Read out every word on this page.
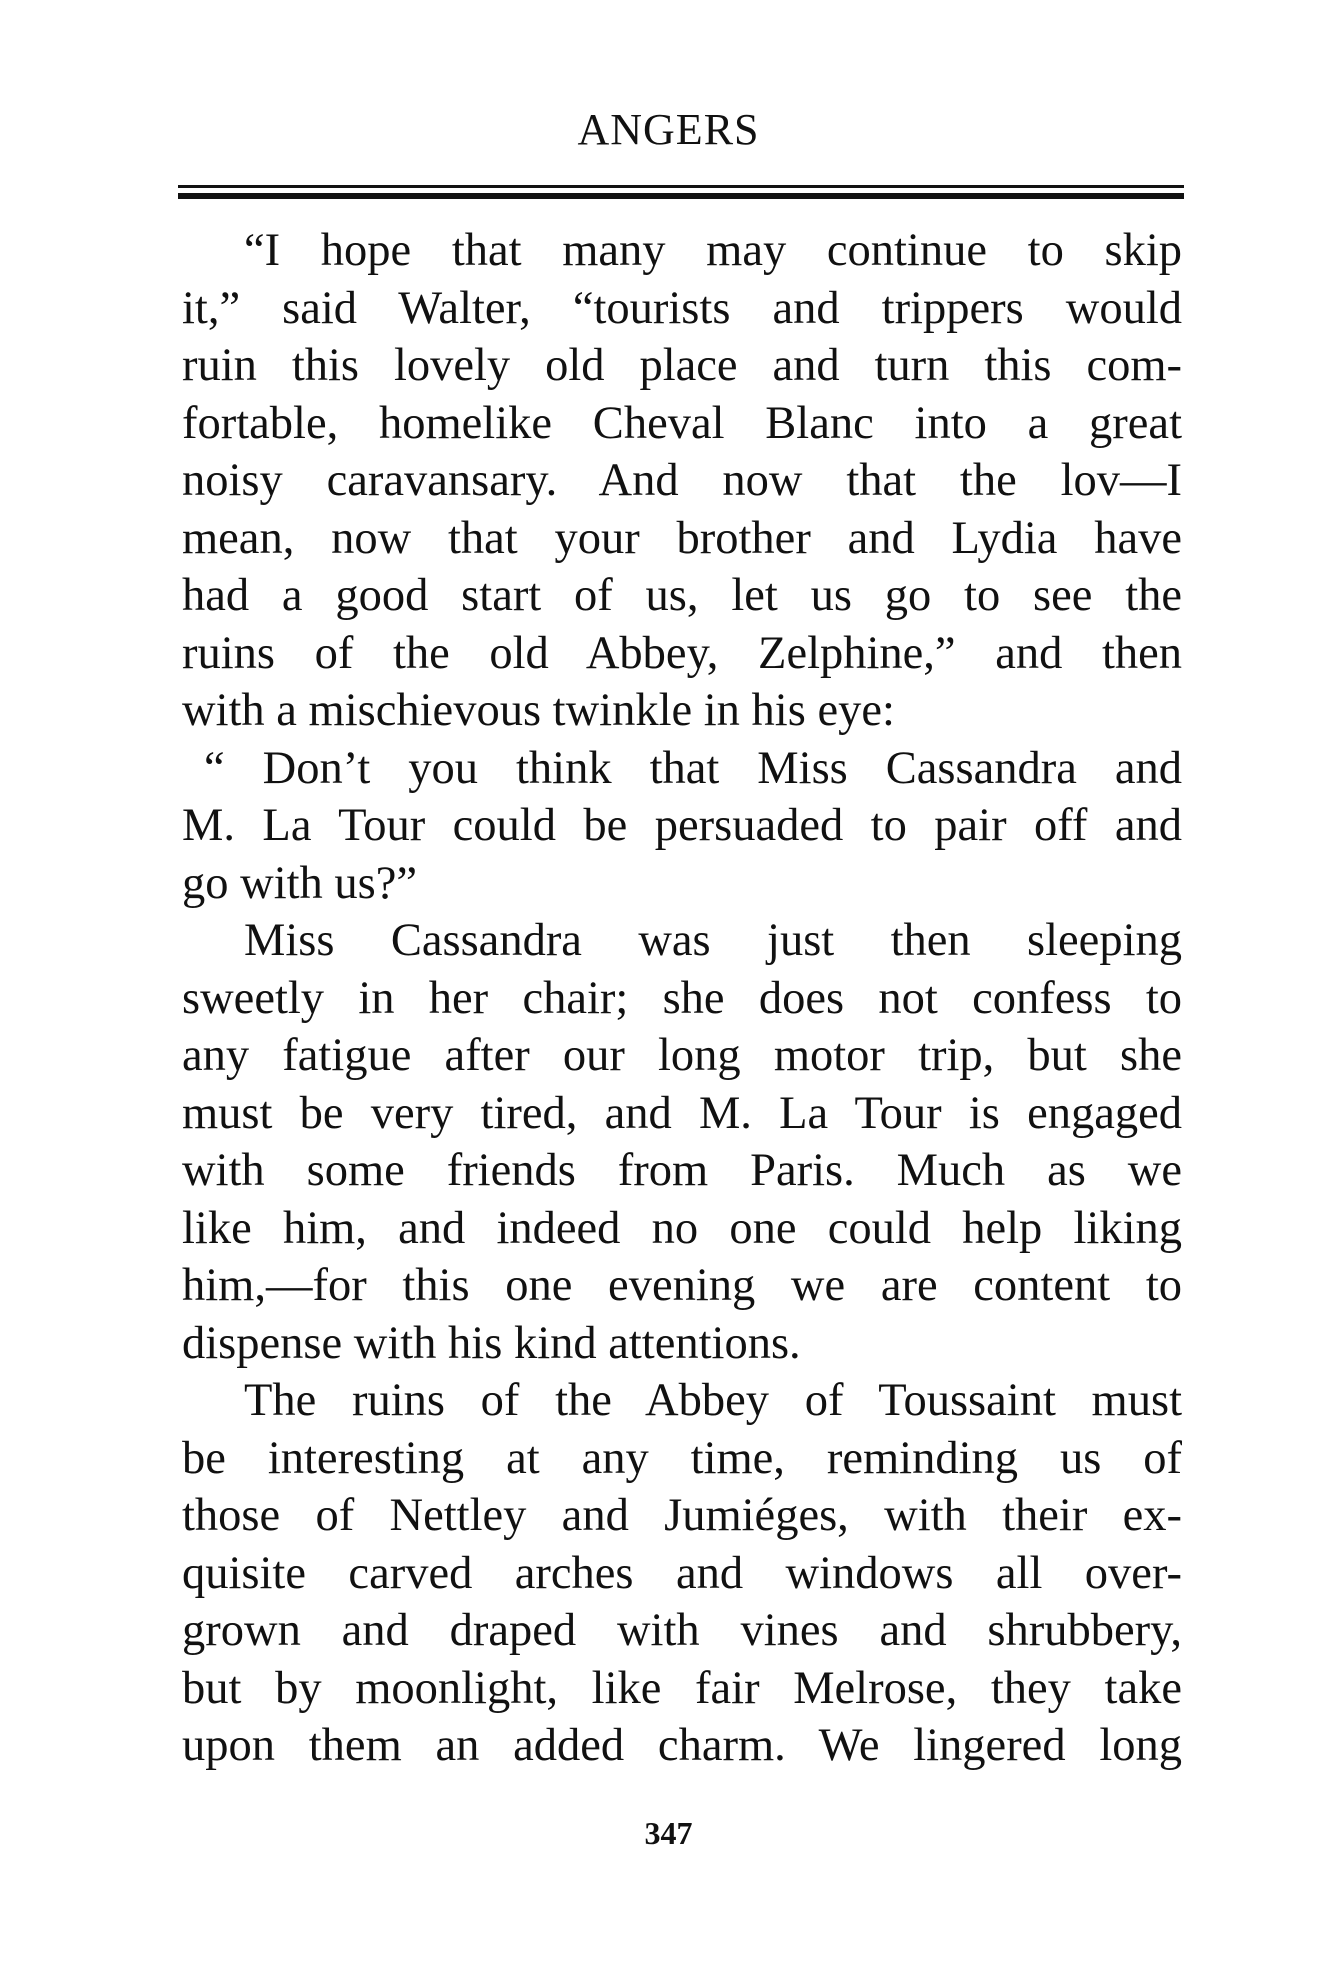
ANGERS
“I hope that many may continue to skip
it,” said Walter, “tourists and trippers would
ruin this lovely old place and turn this com-
fortable, homelike Cheval Blanc into a great
noisy caravansary. And now that the lov—I
mean, now that your brother and Lydia have
had a good start of us, let us go to see the
ruins of the old Abbey, Zelphine,” and then
with a mischievous twinkle in his eye:
“ Don’t you think that Miss Cassandra and
M. La Tour could be persuaded to pair off and
go with us?”
Miss Cassandra was just then sleeping
sweetly in her chair; she does not confess to
any fatigue after our long motor trip, but she
must be very tired, and M. La Tour is engaged
with some friends from Paris. Much as we
like him, and indeed no one could help liking
him,—for this one evening we are content to
dispense with his kind attentions.
The ruins of the Abbey of Toussaint must
be interesting at any time, reminding us of
those of Nettley and Jumiéges, with their ex-
quisite carved arches and windows all over-
grown and draped with vines and shrubbery,
but by moonlight, like fair Melrose, they take
upon them an added charm. We lingered long
347
